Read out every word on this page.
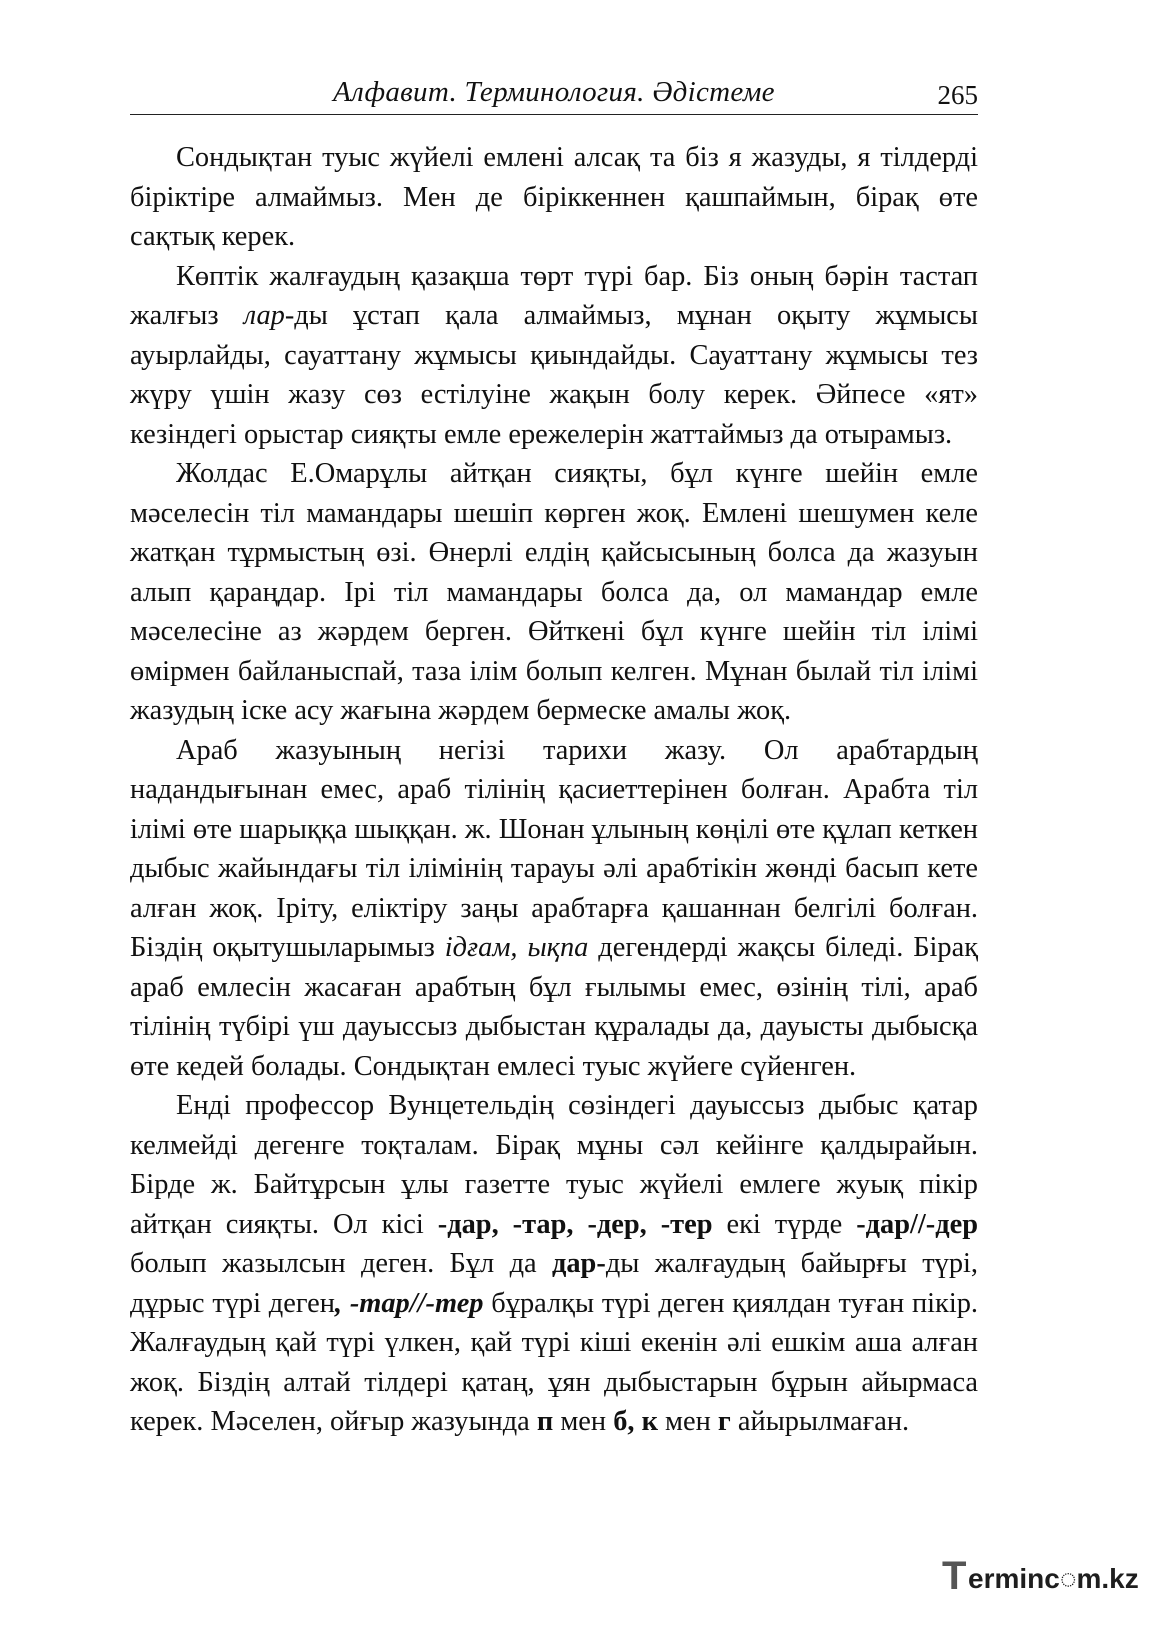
Алфавит. Терминология. Әдістеме	265

Сондықтан туыс жүйелі емлені алсақ та біз я жазуды, я тілдерді біріктіре алмаймыз. Мен де біріккеннен қашпаймын, бірақ өте сақтық керек.

Көптік жалғаудың қазақша төрт түрі бар. Біз оның бәрін тастап жалғыз лар-ды ұстап қала алмаймыз, мұнан оқыту жұмысы ауырлайды, сауаттану жұмысы қиындайды. Сауаттану жұмысы тез жүру үшін жазу сөз естілуіне жақын болу керек. Әйпесе «ят» кезіндегі орыстар сияқты емле ережелерін жаттаймыз да отырамыз.

Жолдас Е.Омарұлы айтқан сияқты, бұл күнге шейін емле мәселесін тіл мамандары шешіп көрген жоқ. Емлені шешумен келе жатқан тұрмыстың өзі. Өнерлі елдің қайсысының болса да жазуын алып қараңдар. Ірі тіл мамандары болса да, ол мамандар емле мәселесіне аз жәрдем берген. Өйткені бұл күнге шейін тіл ілімі өмірмен байланыспай, таза ілім болып келген. Мұнан былай тіл ілімі жазудың іске асу жағына жәрдем бермеске амалы жоқ.

Араб жазуының негізі тарихи жазу. Ол арабтардың надандығынан емес, араб тілінің қасиеттерінен болған. Арабта тіл ілімі өте шарыққа шыққан. ж. Шонан ұлының көңілі өте құлап кеткен дыбыс жайындағы тіл ілімінің тарауы әлі арабтікін жөнді басып кете алған жоқ. Іріту, еліктіру заңы арабтарға қашаннан белгілі болған. Біздің оқытушыларымыз ідғам, ықпа дегендерді жақсы біледі. Бірақ араб емлесін жасаған арабтың бұл ғылымы емес, өзінің тілі, араб тілінің түбірі үш дауыссыз дыбыстан құралады да, дауысты дыбысқа өте кедей болады. Сондықтан емлесі туыс жүйеге сүйенген.

Енді профессор Вунцетельдің сөзіндегі дауыссыз дыбыс қатар келмейді дегенге тоқталам. Бірақ мұны сәл кейінге қалдырайын. Бірде ж. Байтұрсын ұлы газетте туыс жүйелі емлеге жуық пікір айтқан сияқты. Ол кісі -дар, -тар, -дер, -тер екі түрде -дар//-дер болып жазылсын деген. Бұл да дар-ды жалғаудың байырғы түрі, дұрыс түрі деген, -тар//-тер бұралқы түрі деген қиялдан туған пікір. Жалғаудың қай түрі үлкен, қай түрі кіші екенін әлі ешкім аша алған жоқ. Біздің алтай тілдері қатаң, ұян дыбыстарын бұрын айырмаса керек. Мәселен, ойғыр жазуында п мен б, к мен г айырылмаған.

T erminc◌m.kz
